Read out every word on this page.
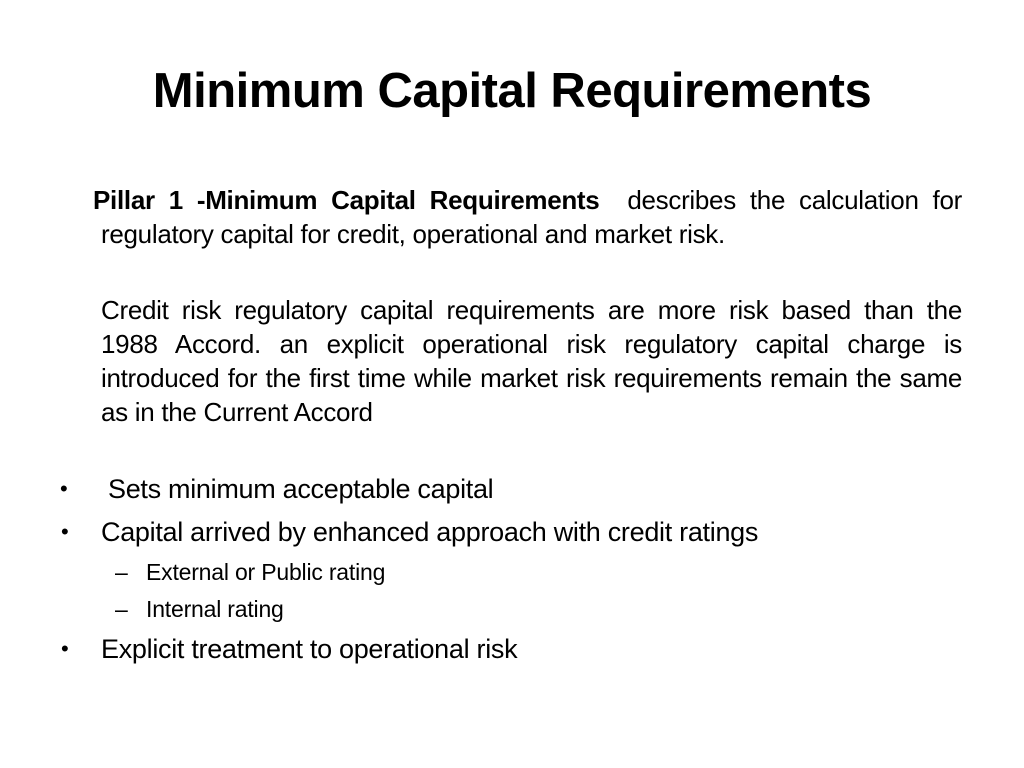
Minimum Capital Requirements
Pillar 1 -Minimum Capital Requirements describes the calculation for regulatory capital for credit, operational and market risk.
Credit risk regulatory capital requirements are more risk based than the 1988 Accord. an explicit operational risk regulatory capital charge is introduced for the first time while market risk requirements remain the same as in the Current Accord
• Sets minimum acceptable capital
• Capital arrived by enhanced approach with credit ratings
– External or Public rating
– Internal rating
• Explicit treatment to operational risk
